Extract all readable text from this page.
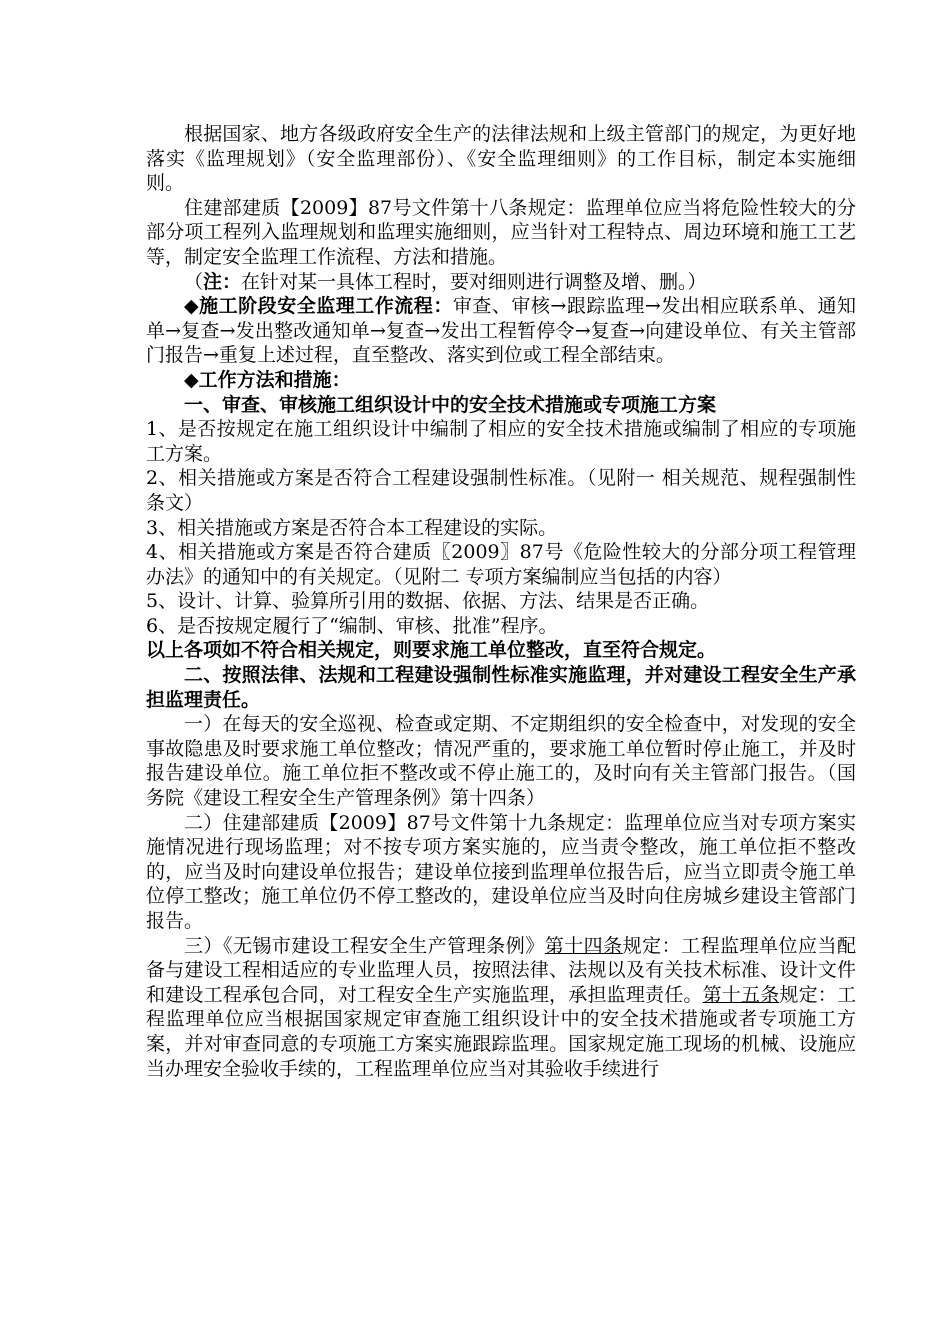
根据国家、地方各级政府安全生产的法律法规和上级主管部门的规定，为更好地落实《监理规划》（安全监理部份）、《安全监理细则》的工作目标，制定本实施细则。

住建部建质【2009】87号文件第十八条规定：监理单位应当将危险性较大的分部分项工程列入监理规划和监理实施细则，应当针对工程特点、周边环境和施工工艺等，制定安全监理工作流程、方法和措施。

（注：在针对某一具体工程时，要对细则进行调整及增、删。）

◆施工阶段安全监理工作流程：审查、审核→跟踪监理→发出相应联系单、通知单→复查→发出整改通知单→复查→发出工程暂停令→复查→向建设单位、有关主管部门报告→重复上述过程，直至整改、落实到位或工程全部结束。

◆工作方法和措施：

一、审查、审核施工组织设计中的安全技术措施或专项施工方案

1、是否按规定在施工组织设计中编制了相应的安全技术措施或编制了相应的专项施工方案。

2、相关措施或方案是否符合工程建设强制性标准。（见附一 相关规范、规程强制性条文）

3、相关措施或方案是否符合本工程建设的实际。

4、相关措施或方案是否符合建质〖2009〗87号《危险性较大的分部分项工程管理办法》的通知中的有关规定。（见附二 专项方案编制应当包括的内容）

5、设计、计算、验算所引用的数据、依据、方法、结果是否正确。

6、是否按规定履行了“编制、审核、批准”程序。

以上各项如不符合相关规定，则要求施工单位整改，直至符合规定。

二、按照法律、法规和工程建设强制性标准实施监理，并对建设工程安全生产承担监理责任。

一）在每天的安全巡视、检查或定期、不定期组织的安全检查中，对发现的安全事故隐患及时要求施工单位整改；情况严重的，要求施工单位暂时停止施工，并及时报告建设单位。施工单位拒不整改或不停止施工的，及时向有关主管部门报告。（国务院《建设工程安全生产管理条例》第十四条）

二）住建部建质【2009】87号文件第十九条规定：监理单位应当对专项方案实施情况进行现场监理；对不按专项方案实施的，应当责令整改，施工单位拒不整改的，应当及时向建设单位报告；建设单位接到监理单位报告后，应当立即责令施工单位停工整改；施工单位仍不停工整改的，建设单位应当及时向住房城乡建设主管部门报告。

三）《无锡市建设工程安全生产管理条例》第十四条规定：工程监理单位应当配备与建设工程相适应的专业监理人员，按照法律、法规以及有关技术标准、设计文件和建设工程承包合同，对工程安全生产实施监理，承担监理责任。第十五条规定：工程监理单位应当根据国家规定审查施工组织设计中的安全技术措施或者专项施工方案，并对审查同意的专项施工方案实施跟踪监理。国家规定施工现场的机械、设施应当办理安全验收手续的，工程监理单位应当对其验收手续进行
